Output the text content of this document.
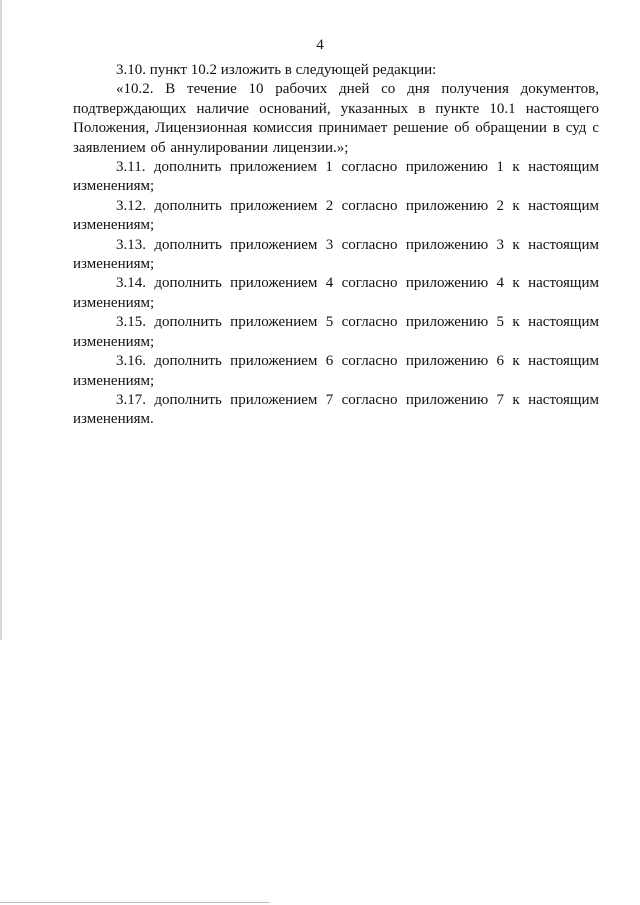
4

3.10. пункт 10.2 изложить в следующей редакции:

«10.2. В течение 10 рабочих дней со дня получения документов, подтверждающих наличие оснований, указанных в пункте 10.1 настоящего Положения, Лицензионная комиссия принимает решение об обращении в суд с заявлением об аннулировании лицензии.»;

3.11. дополнить приложением 1 согласно приложению 1 к настоящим изменениям;

3.12. дополнить приложением 2 согласно приложению 2 к настоящим изменениям;

3.13. дополнить приложением 3 согласно приложению 3 к настоящим изменениям;

3.14. дополнить приложением 4 согласно приложению 4 к настоящим изменениям;

3.15. дополнить приложением 5 согласно приложению 5 к настоящим изменениям;

3.16. дополнить приложением 6 согласно приложению 6 к настоящим изменениям;

3.17. дополнить приложением 7 согласно приложению 7 к настоящим изменениям.
